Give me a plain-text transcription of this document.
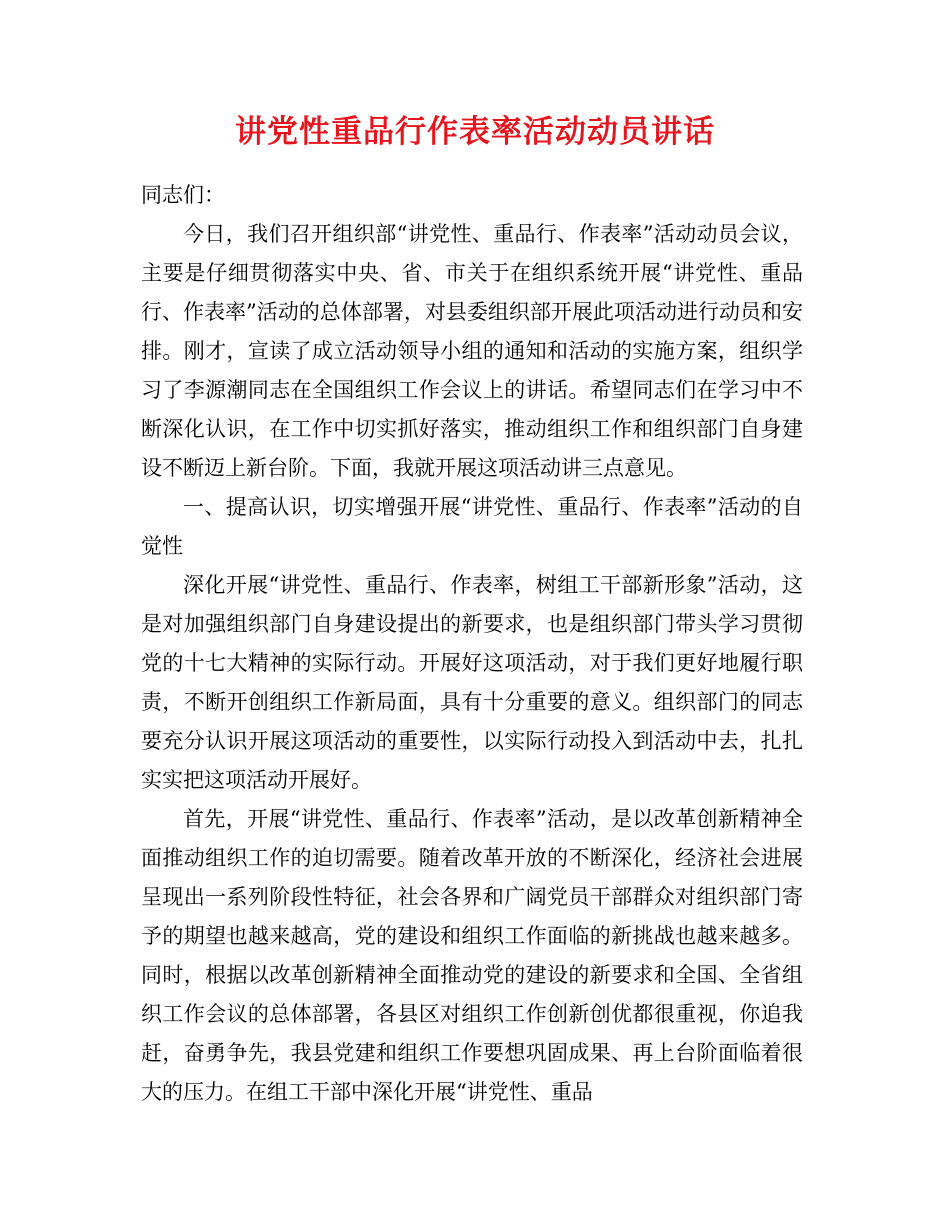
讲党性重品行作表率活动动员讲话

同志们：

今日，我们召开组织部“讲党性、重品行、作表率”活动动员会议，主要是仔细贯彻落实中央、省、市关于在组织系统开展“讲党性、重品行、作表率”活动的总体部署，对县委组织部开展此项活动进行动员和安排。刚才，宣读了成立活动领导小组的通知和活动的实施方案，组织学习了李源潮同志在全国组织工作会议上的讲话。希望同志们在学习中不断深化认识，在工作中切实抓好落实，推动组织工作和组织部门自身建设不断迈上新台阶。下面，我就开展这项活动讲三点意见。

一、提高认识，切实增强开展“讲党性、重品行、作表率”活动的自觉性

深化开展“讲党性、重品行、作表率，树组工干部新形象”活动，这是对加强组织部门自身建设提出的新要求，也是组织部门带头学习贯彻党的十七大精神的实际行动。开展好这项活动，对于我们更好地履行职责，不断开创组织工作新局面，具有十分重要的意义。组织部门的同志要充分认识开展这项活动的重要性，以实际行动投入到活动中去，扎扎实实把这项活动开展好。

首先，开展“讲党性、重品行、作表率”活动，是以改革创新精神全面推动组织工作的迫切需要。随着改革开放的不断深化，经济社会进展呈现出一系列阶段性特征，社会各界和广阔党员干部群众对组织部门寄予的期望也越来越高，党的建设和组织工作面临的新挑战也越来越多。同时，根据以改革创新精神全面推动党的建设的新要求和全国、全省组织工作会议的总体部署，各县区对组织工作创新创优都很重视，你追我赶，奋勇争先，我县党建和组织工作要想巩固成果、再上台阶面临着很大的压力。在组工干部中深化开展“讲党性、重品
